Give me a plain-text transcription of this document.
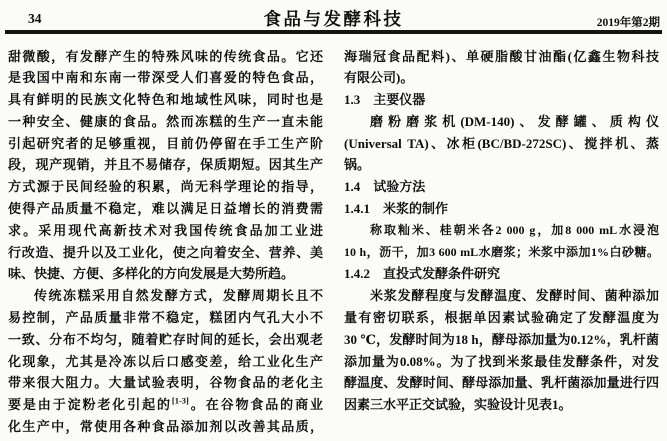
34	食品与发酵科技	2019年第2期
甜微酸，有发酵产生的特殊风味的传统食品。它还
是我国中南和东南一带深受人们喜爱的特色食品，
具有鲜明的民族文化特色和地域性风味，同时也是
一种安全、健康的食品。然而冻糕的生产一直未能
引起研究者的足够重视，目前仍停留在手工生产阶
段，现产现销，并且不易储存，保质期短。因其生产
方式源于民间经验的积累，尚无科学理论的指导，
使得产品质量不稳定，难以满足日益增长的消费需
求。采用现代高新技术对我国传统食品加工业进
行改造、提升以及工业化，使之向着安全、营养、美
味、快捷、方便、多样化的方向发展是大势所趋。
传统冻糕采用自然发酵方式，发酵周期长且不
易控制，产品质量非常不稳定，糕团内气孔大小不
一致、分布不均匀，随着贮存时间的延长，会出观老
化现象，尤其是冷冻以后口感变差，给工业化生产
带来很大阻力。大量试验表明，谷物食品的老化主
要是由于淀粉老化引起的[1-3]。在谷物食品的商业
化生产中，常使用各种食品添加剂以改善其品质，
海瑞冠食品配料)、单硬脂酸甘油酯(亿鑫生物科技
有限公司)。
1.3　主要仪器
磨粉磨浆机(DM-140)、发酵罐、质构仪
(Universal TA)、冰柜(BC/BD-272SC)、搅拌机、蒸
锅。
1.4　试验方法
1.4.1　米浆的制作
称取籼米、桂朝米各2 000 g，加8 000 mL水浸泡
10 h，沥干，加3 600 mL水磨浆；米浆中添加1%白砂糖。
1.4.2　直投式发酵条件研究
米浆发酵程度与发酵温度、发酵时间、菌种添加
量有密切联系，根据单因素试验确定了发酵温度为
30 ℃，发酵时间为18 h，酵母添加量为0.12%，乳杆菌
添加量为0.08%。为了找到米浆最佳发酵条件，对发
酵温度、发酵时间、酵母添加量、乳杆菌添加量进行四
因素三水平正交试验，实验设计见表1。
